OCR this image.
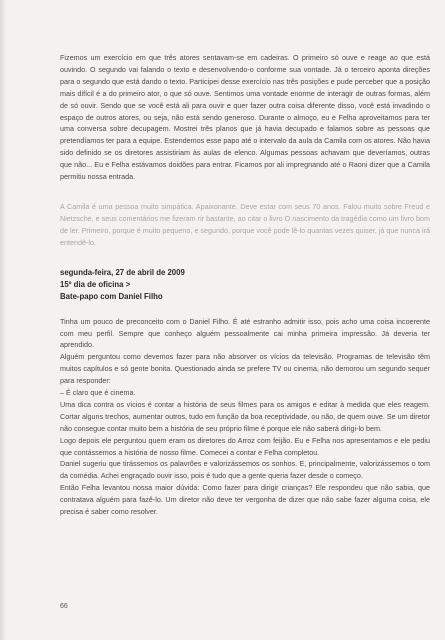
Fizemos um exercício em que três atores sentavam-se em cadeiras. O primeiro só ouve e reage ao que está ouvindo. O segundo vai falando o texto e desenvolvendo-o conforme sua vontade. Já o terceiro aponta direções para o segundo que está dando o texto. Participei desse exercício nas três posições e pude perceber que a posição mais difícil é a do primeiro ator, o que só ouve. Sentimos uma vontade enorme de interagir de outras formas, além de só ouvir. Sendo que se você está ali para ouvir e quer fazer outra coisa diferente disso, você está invadindo o espaço de outros atores, ou seja, não está sendo generoso. Durante o almoço, eu e Felha aproveitamos para ter uma conversa sobre decupagem. Mostrei três planos que já havia decupado e falamos sobre as pessoas que pretendíamos ter para a equipe. Estendemos esse papo até o intervalo da aula da Camila com os atores. Não havia sido definido se os diretores assistiriam às aulas de elenco. Algumas pessoas achavam que deveríamos, outras que não... Eu e Felha estávamos doidões para entrar. Ficamos por ali impregnando até o Raoni dizer que a Camila permitiu nossa entrada.

A Camila é uma pessoa muito simpática. Apaixonante. Deve estar com seus 70 anos. Falou muito sobre Freud e Nietzsche, e seus comentários me fizeram rir bastante, ao citar o livro O nascimento da tragédia como um livro bom de ler. Primeiro, porque é muito pequeno, e segundo, porque você pode lê-lo quantas vezes quiser, já que nunca irá entendê-lo.

segunda-feira, 27 de abril de 2009

15º dia de oficina >

Bate-papo com Daniel Filho

Tinha um pouco de preconceito com o Daniel Filho. É até estranho admitir isso, pois acho uma coisa incoerente com meu perfil. Sempre que conheço alguém pessoalmente cai minha primeira impressão. Já deveria ter aprendido.

Alguém perguntou como devemos fazer para não absorver os vícios da televisão. Programas de televisão têm muitos capítulos e só gente bonita. Questionado ainda se prefere TV ou cinema, não demorou um segundo sequer para responder:

– É claro que é cinema.

Uma dica contra os vícios é contar a história de seus filmes para os amigos e editar à medida que eles reagem. Cortar alguns trechos, aumentar outros, tudo em função da boa receptividade, ou não, de quem ouve. Se um diretor não consegue contar muito bem a história de seu próprio filme é porque ele não saberá dirigi-lo bem.

Logo depois ele perguntou quem eram os diretores do Arroz com feijão. Eu e Felha nos apresentamos e ele pediu que contássemos a história de nosso filme. Comecei a contar e Felha completou.

Daniel sugeriu que tirássemos os palavrões e valorizássemos os sonhos. E, principalmente, valorizássemos o tom da comédia. Achei engraçado ouvir isso, pois é tudo que a gente queria fazer desde o começo.

Então Felha levantou nossa maior dúvida: Como fazer para dirigir crianças? Ele respondeu que não sabia, que contratava alguém para fazê-lo. Um diretor não deve ter vergonha de dizer que não sabe fazer alguma coisa, ele precisa é saber como resolver.

66
